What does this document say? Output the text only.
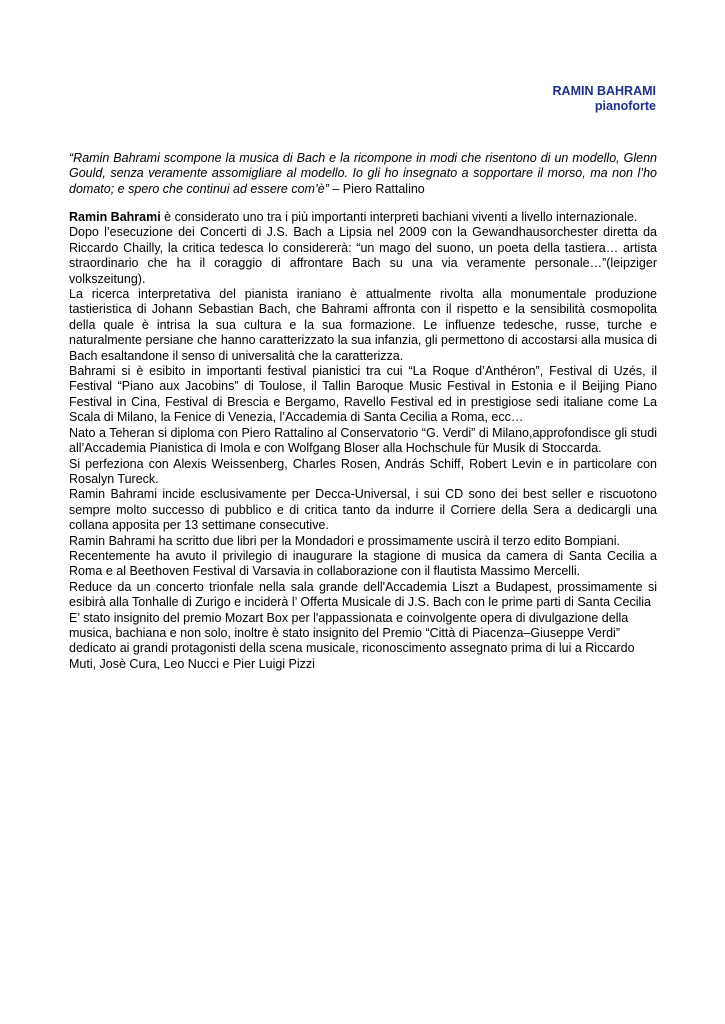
RAMIN BAHRAMI
pianoforte

“Ramin Bahrami scompone la musica di Bach e la ricompone in modi che risentono di un modello, Glenn Gould, senza veramente assomigliare al modello. Io gli ho insegnato a sopportare il morso, ma non l’ho domato; e spero che continui ad essere com’è” – Piero Rattalino

Ramin Bahrami è considerato uno tra i più importanti interpreti bachiani viventi a livello internazionale.

Dopo l’esecuzione dei Concerti di J.S. Bach a Lipsia nel 2009 con la Gewandhausorchester diretta da Riccardo Chailly, la critica tedesca lo considererà: “un mago del suono, un poeta della tastiera… artista straordinario che ha il coraggio di affrontare Bach su una via veramente personale…”(leipziger volkszeitung).

La ricerca interpretativa del pianista iraniano è attualmente rivolta alla monumentale produzione tastieristica di Johann Sebastian Bach, che Bahrami affronta con il rispetto e la sensibilità cosmopolita della quale è intrisa la sua cultura e la sua formazione. Le influenze tedesche, russe, turche e naturalmente persiane che hanno caratterizzato la sua infanzia, gli permettono di accostarsi alla musica di Bach esaltandone il senso di universalità che la caratterizza.

Bahrami si è esibito in importanti festival pianistici tra cui “La Roque d’Anthéron”, Festival di Uzés, il Festival “Piano aux Jacobins” di Toulose, il Tallin Baroque Music Festival in Estonia e il Beijing Piano Festival in Cina, Festival di Brescia e Bergamo, Ravello Festival ed in prestigiose sedi italiane come La Scala di Milano, la Fenice di Venezia, l’Accademia di Santa Cecilia a Roma, ecc…

Nato a Teheran si diploma con Piero Rattalino al Conservatorio “G. Verdi” di Milano,approfondisce gli studi all’Accademia Pianistica di Imola e con Wolfgang Bloser alla Hochschule für Musik di Stoccarda.

Si perfeziona con Alexis Weissenberg, Charles Rosen, András Schiff, Robert Levin e in particolare con Rosalyn Tureck.

Ramin Bahrami incide esclusivamente per Decca-Universal, i sui CD sono dei best seller e riscuotono sempre molto successo di pubblico e di critica tanto da indurre il Corriere della Sera a dedicargli una collana apposita per 13 settimane consecutive.

Ramin Bahrami ha scritto due libri per la Mondadori e prossimamente uscirà il terzo edito Bompiani.

Recentemente ha avuto il privilegio di inaugurare la stagione di musica da camera di Santa Cecilia a Roma e al Beethoven Festival di Varsavia in collaborazione con il flautista Massimo Mercelli.

Reduce da un concerto trionfale nella sala grande dell'Accademia Liszt a Budapest, prossimamente si esibirà alla Tonhalle di Zurigo e inciderà l’ Offerta Musicale di J.S. Bach con le prime parti di Santa Cecilia

E’ stato insignito del premio Mozart Box per l'appassionata e coinvolgente opera di divulgazione della musica, bachiana e non solo, inoltre è stato insignito del Premio “Città di Piacenza–Giuseppe Verdi” dedicato ai grandi protagonisti della scena musicale, riconoscimento assegnato prima di lui a Riccardo Muti, Josè Cura, Leo Nucci e Pier Luigi Pizzi
